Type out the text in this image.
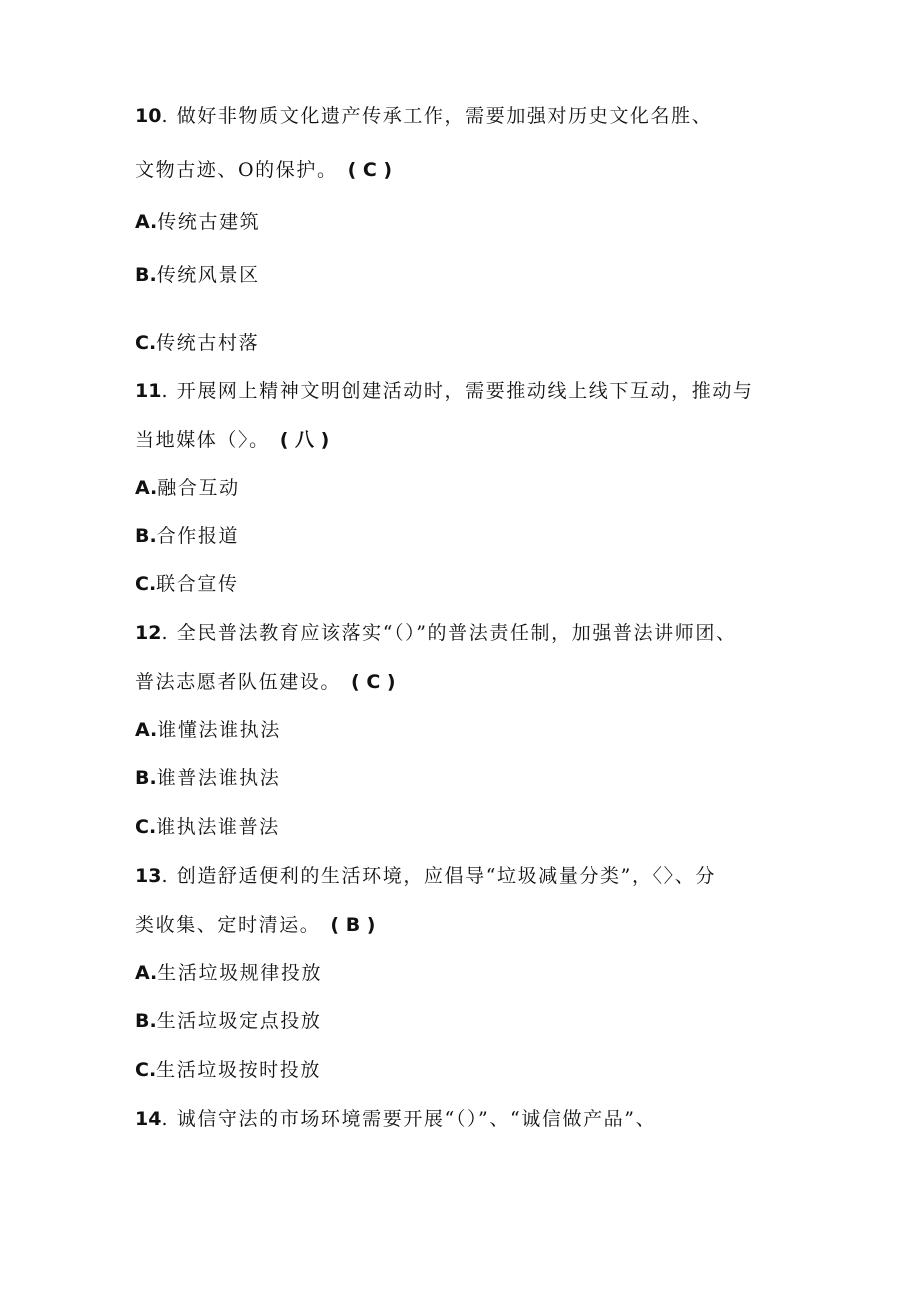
10. 做好非物质文化遗产传承工作，需要加强对历史文化名胜、
文物古迹、O的保护。 ( C )
A.传统古建筑
B.传统风景区
C.传统古村落
11. 开展网上精神文明创建活动时，需要推动线上线下互动，推动与
当地媒体（〉。 ( 八 )
A.融合互动
B.合作报道
C.联合宣传
12. 全民普法教育应该落实“（）”的普法责任制，加强普法讲师团、
普法志愿者队伍建设。 ( C )
A.谁懂法谁执法
B.谁普法谁执法
C.谁执法谁普法
13. 创造舒适便利的生活环境，应倡导“垃圾减量分类”，〈〉、分
类收集、定时清运。 ( B )
A.生活垃圾规律投放
B.生活垃圾定点投放
C.生活垃圾按时投放
14. 诚信守法的市场环境需要开展“（）”、“诚信做产品”、
